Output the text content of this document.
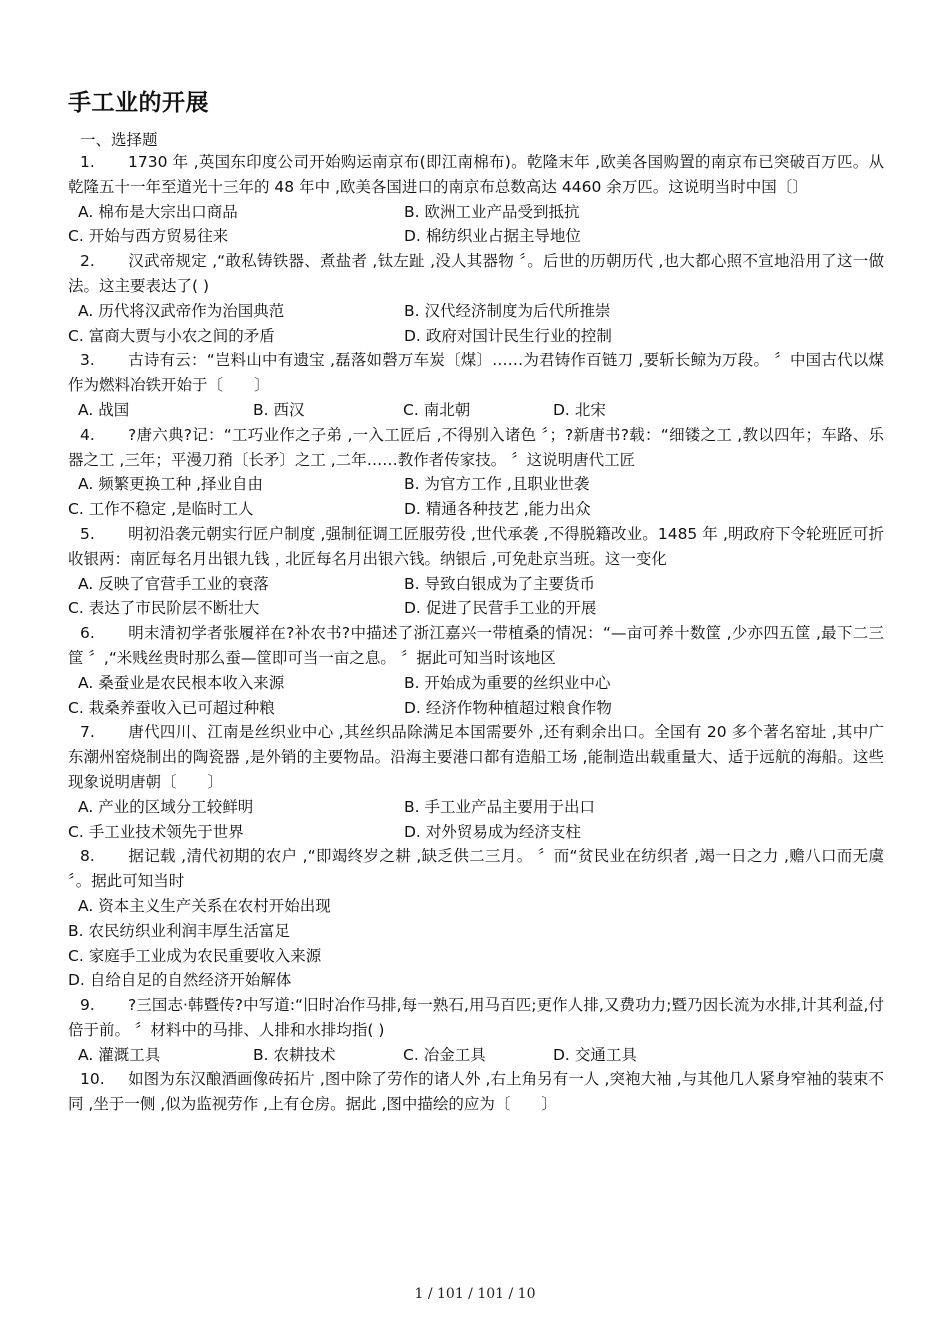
手工业的开展
一、选择题
1. 1730 年 ,英国东印度公司开始购运南京布(即江南棉布)。乾隆末年 ,欧美各国购置的南京布已突破百万匹。从乾隆五十一年至道光十三年的 48 年中 ,欧美各国进口的南京布总数高达 4460 余万匹。这说明当时中国〔〕
A. 棉布是大宗出口商品	B. 欧洲工业产品受到抵抗
C. 开始与西方贸易往来	D. 棉纺织业占据主导地位
2. 汉武帝规定 ,“敢私铸铁器、煮盐者 ,钛左趾 ,没人其器物 〞。后世的历朝历代 ,也大都心照不宣地沿用了这一做法。这主要表达了( )
A. 历代将汉武帝作为治国典范	B. 汉代经济制度为后代所推崇
C. 富商大贾与小农之间的矛盾	D. 政府对国计民生行业的控制
3. 古诗有云：“岂料山中有遗宝 ,磊落如磬万车炭〔煤〕……为君铸作百链刀 ,要斩长鲸为万段。 〞中国古代以煤作为燃料冶铁开始于〔　　〕
A. 战国	B. 西汉	C. 南北朝	D. 北宋
4. ?唐六典?记：“工巧业作之子弟 ,一入工匠后 ,不得别入诸色 〞；?新唐书?载：“细镂之工 ,教以四年；车路、乐器之工 ,三年；平漫刀矟〔长矛〕之工 ,二年……教作者传家技。 〞这说明唐代工匠
A. 频繁更换工种 ,择业自由	B. 为官方工作 ,且职业世袭
C. 工作不稳定 ,是临时工人	D. 精通各种技艺 ,能力出众
5. 明初沿袭元朝实行匠户制度 ,强制征调工匠服劳役 ,世代承袭 ,不得脱籍改业。1485 年 ,明政府下令轮班匠可折收银两：南匠每名月出银九钱﹐北匠每名月出银六钱。纳银后 ,可免赴京当班。这一变化
A. 反映了官营手工业的衰落	B. 导致白银成为了主要货币
C. 表达了市民阶层不断壮大	D. 促进了民营手工业的开展
6. 明末清初学者张履祥在?补农书?中描述了浙江嘉兴一带植桑的情况：“—亩可养十数筐 ,少亦四五筐 ,最下二三筐 〞,“米贱丝贵时那么蚕—筐即可当一亩之息。 〞据此可知当时该地区
A. 桑蚕业是农民根本收入来源	B. 开始成为重要的丝织业中心
C. 栽桑养蚕收入已可超过种粮	D. 经济作物种植超过粮食作物
7. 唐代四川、江南是丝织业中心 ,其丝织品除满足本国需要外 ,还有剩余出口。全国有 20 多个著名窑址 ,其中广东潮州窑烧制出的陶瓷器 ,是外销的主要物品。沿海主要港口都有造船工场 ,能制造出载重量大、适于远航的海船。这些现象说明唐朝〔　　〕
A. 产业的区域分工较鲜明	B. 手工业产品主要用于出口
C. 手工业技术领先于世界	D. 对外贸易成为经济支柱
8. 据记载 ,清代初期的农户 ,“即竭终岁之耕 ,缺乏供二三月。 〞而“贫民业在纺织者 ,竭一日之力 ,赡八口而无虞 〞。据此可知当时
A. 资本主义生产关系在农村开始出现
B. 农民纺织业利润丰厚生活富足
C. 家庭手工业成为农民重要收入来源
D. 自给自足的自然经济开始解体
9. ?三国志·韩暨传?中写道:“旧时冶作马排,每一熟石,用马百匹;更作人排,又费功力;暨乃因长流为水排,计其利益,付倍于前。 〞材料中的马排、人排和水排均指( )
A. 灌溉工具	B. 农耕技术	C. 冶金工具	D. 交通工具
10. 如图为东汉酿酒画像砖拓片 ,图中除了劳作的诸人外 ,右上角另有一人 ,突袍大袖 ,与其他几人紧身窄袖的装束不同 ,坐于一侧 ,似为监视劳作 ,上有仓房。据此 ,图中描绘的应为〔　　〕
1 / 101 / 101 / 10
